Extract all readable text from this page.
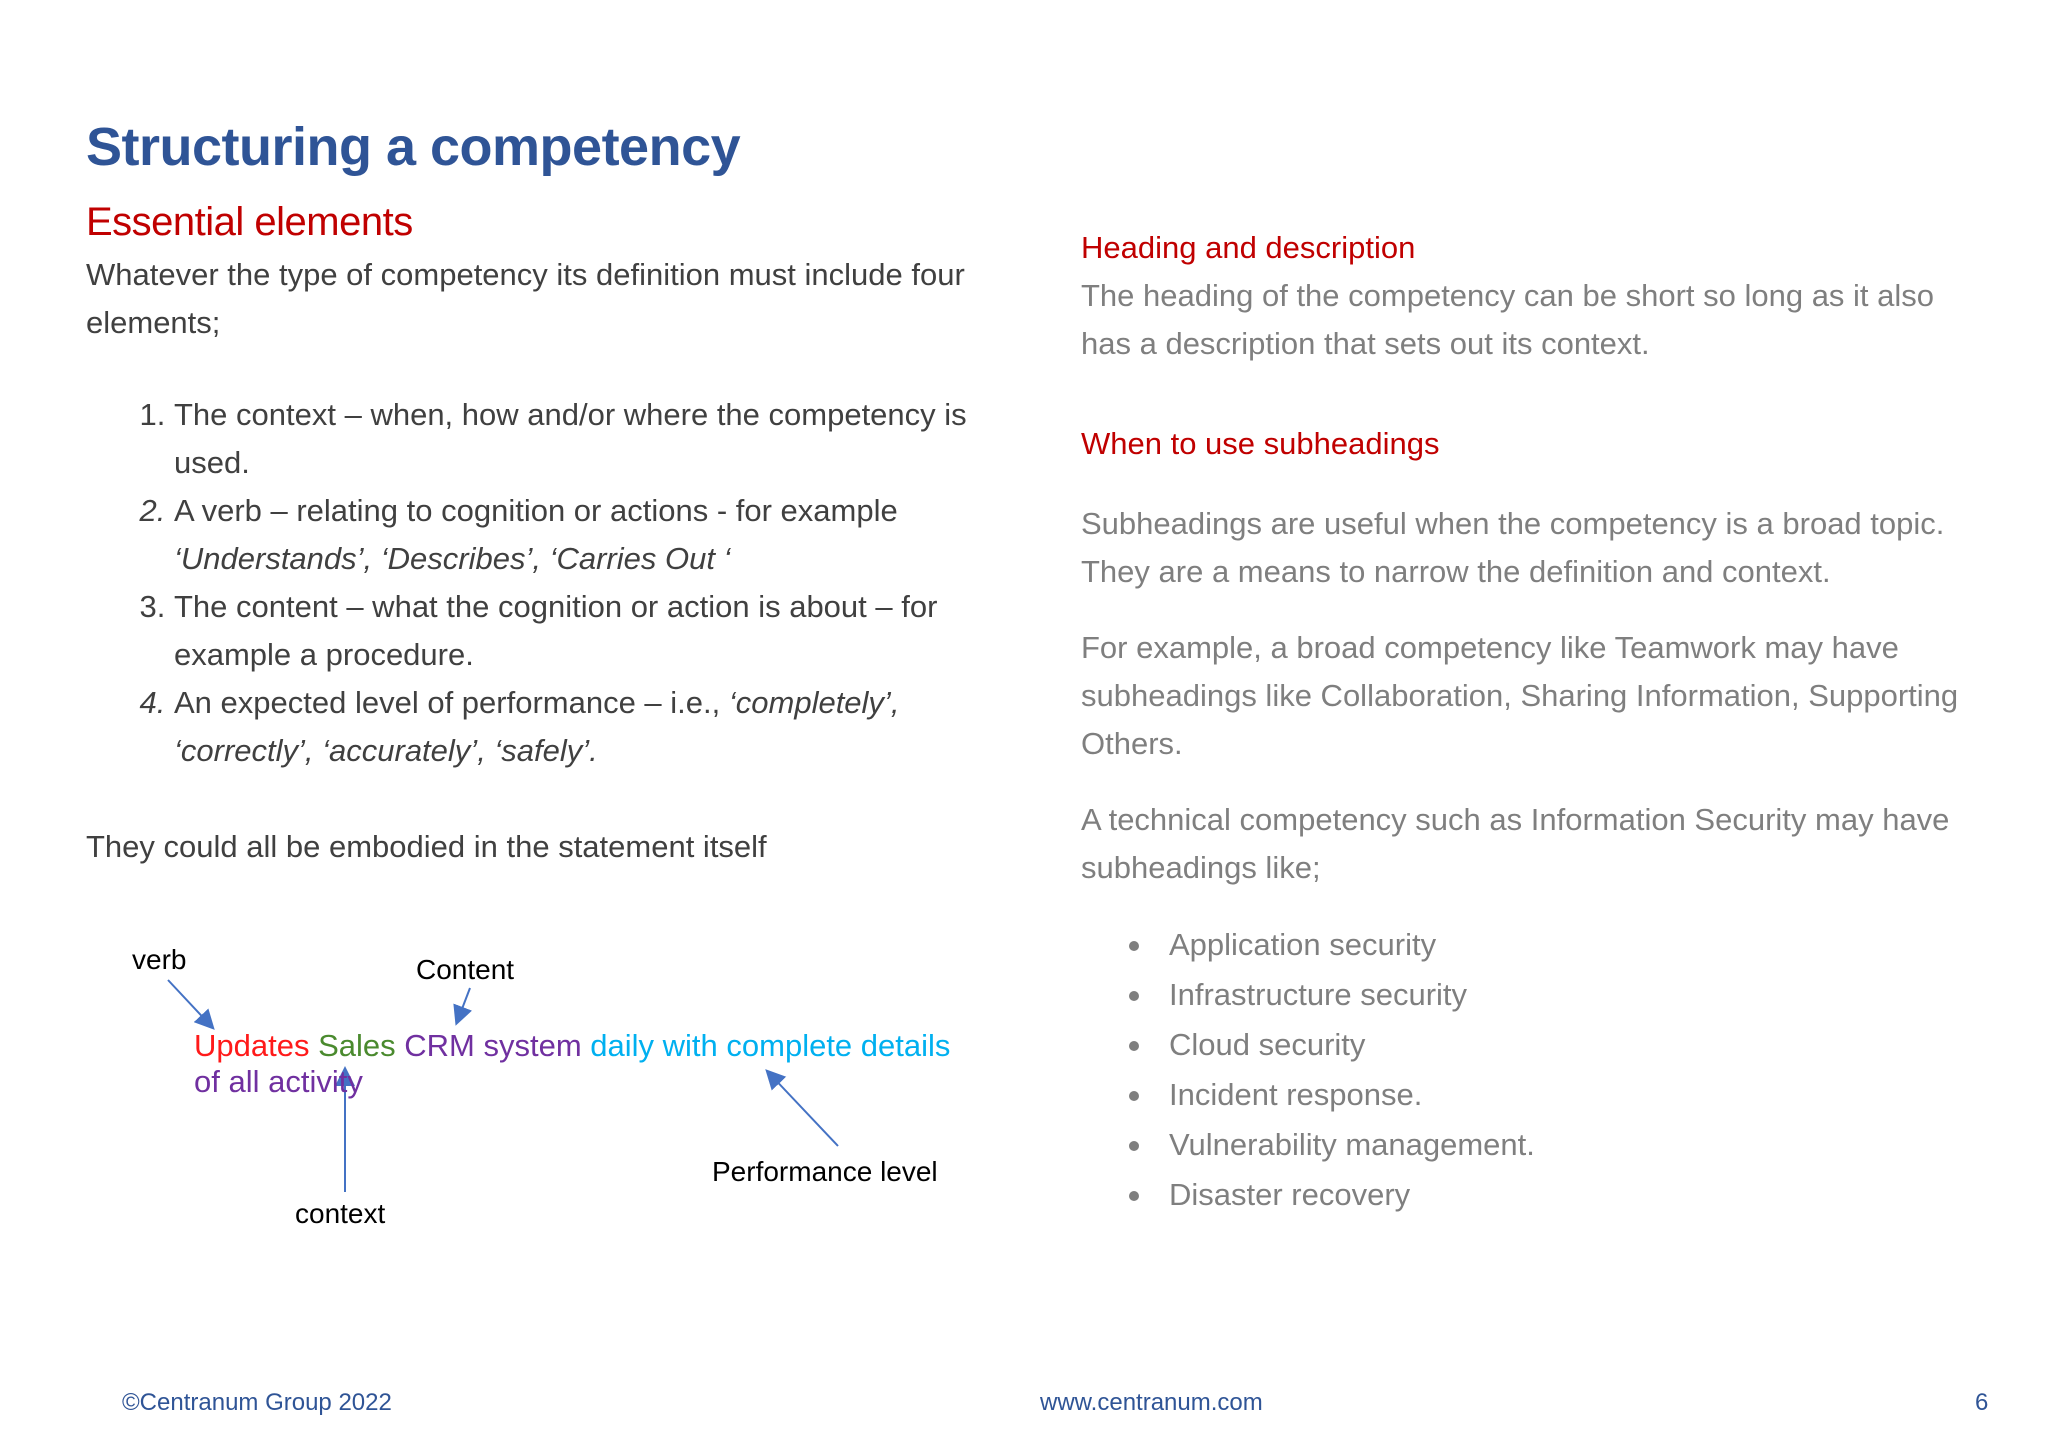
Structuring a competency
Essential elements

Whatever the type of competency its definition must include four elements;

1. The context – when, how and/or where the competency is used.
2. A verb – relating to cognition or actions - for example ‘Understands’, ‘Describes’, ‘Carries Out ‘
3. The content – what the cognition or action is about – for example a procedure.
4. An expected level of performance – i.e., ‘completely’, ‘correctly’, ‘accurately’, ‘safely’.

They could all be embodied in the statement itself

verb	Content
context
Performance level
Updates Sales CRM system daily with complete details of all activity
Heading and description

The heading of the competency can be short so long as it also has a description that sets out its context.

When to use subheadings

Subheadings are useful when the competency is a broad topic. They are a means to narrow the definition and context.

For example, a broad competency like Teamwork may have subheadings like Collaboration, Sharing Information, Supporting Others.

A technical competency such as Information Security may have subheadings like;

Application security
Infrastructure security
Cloud security
Incident response.
Vulnerability management.
Disaster recovery
©Centranum Group 2022	www.centranum.com	6
